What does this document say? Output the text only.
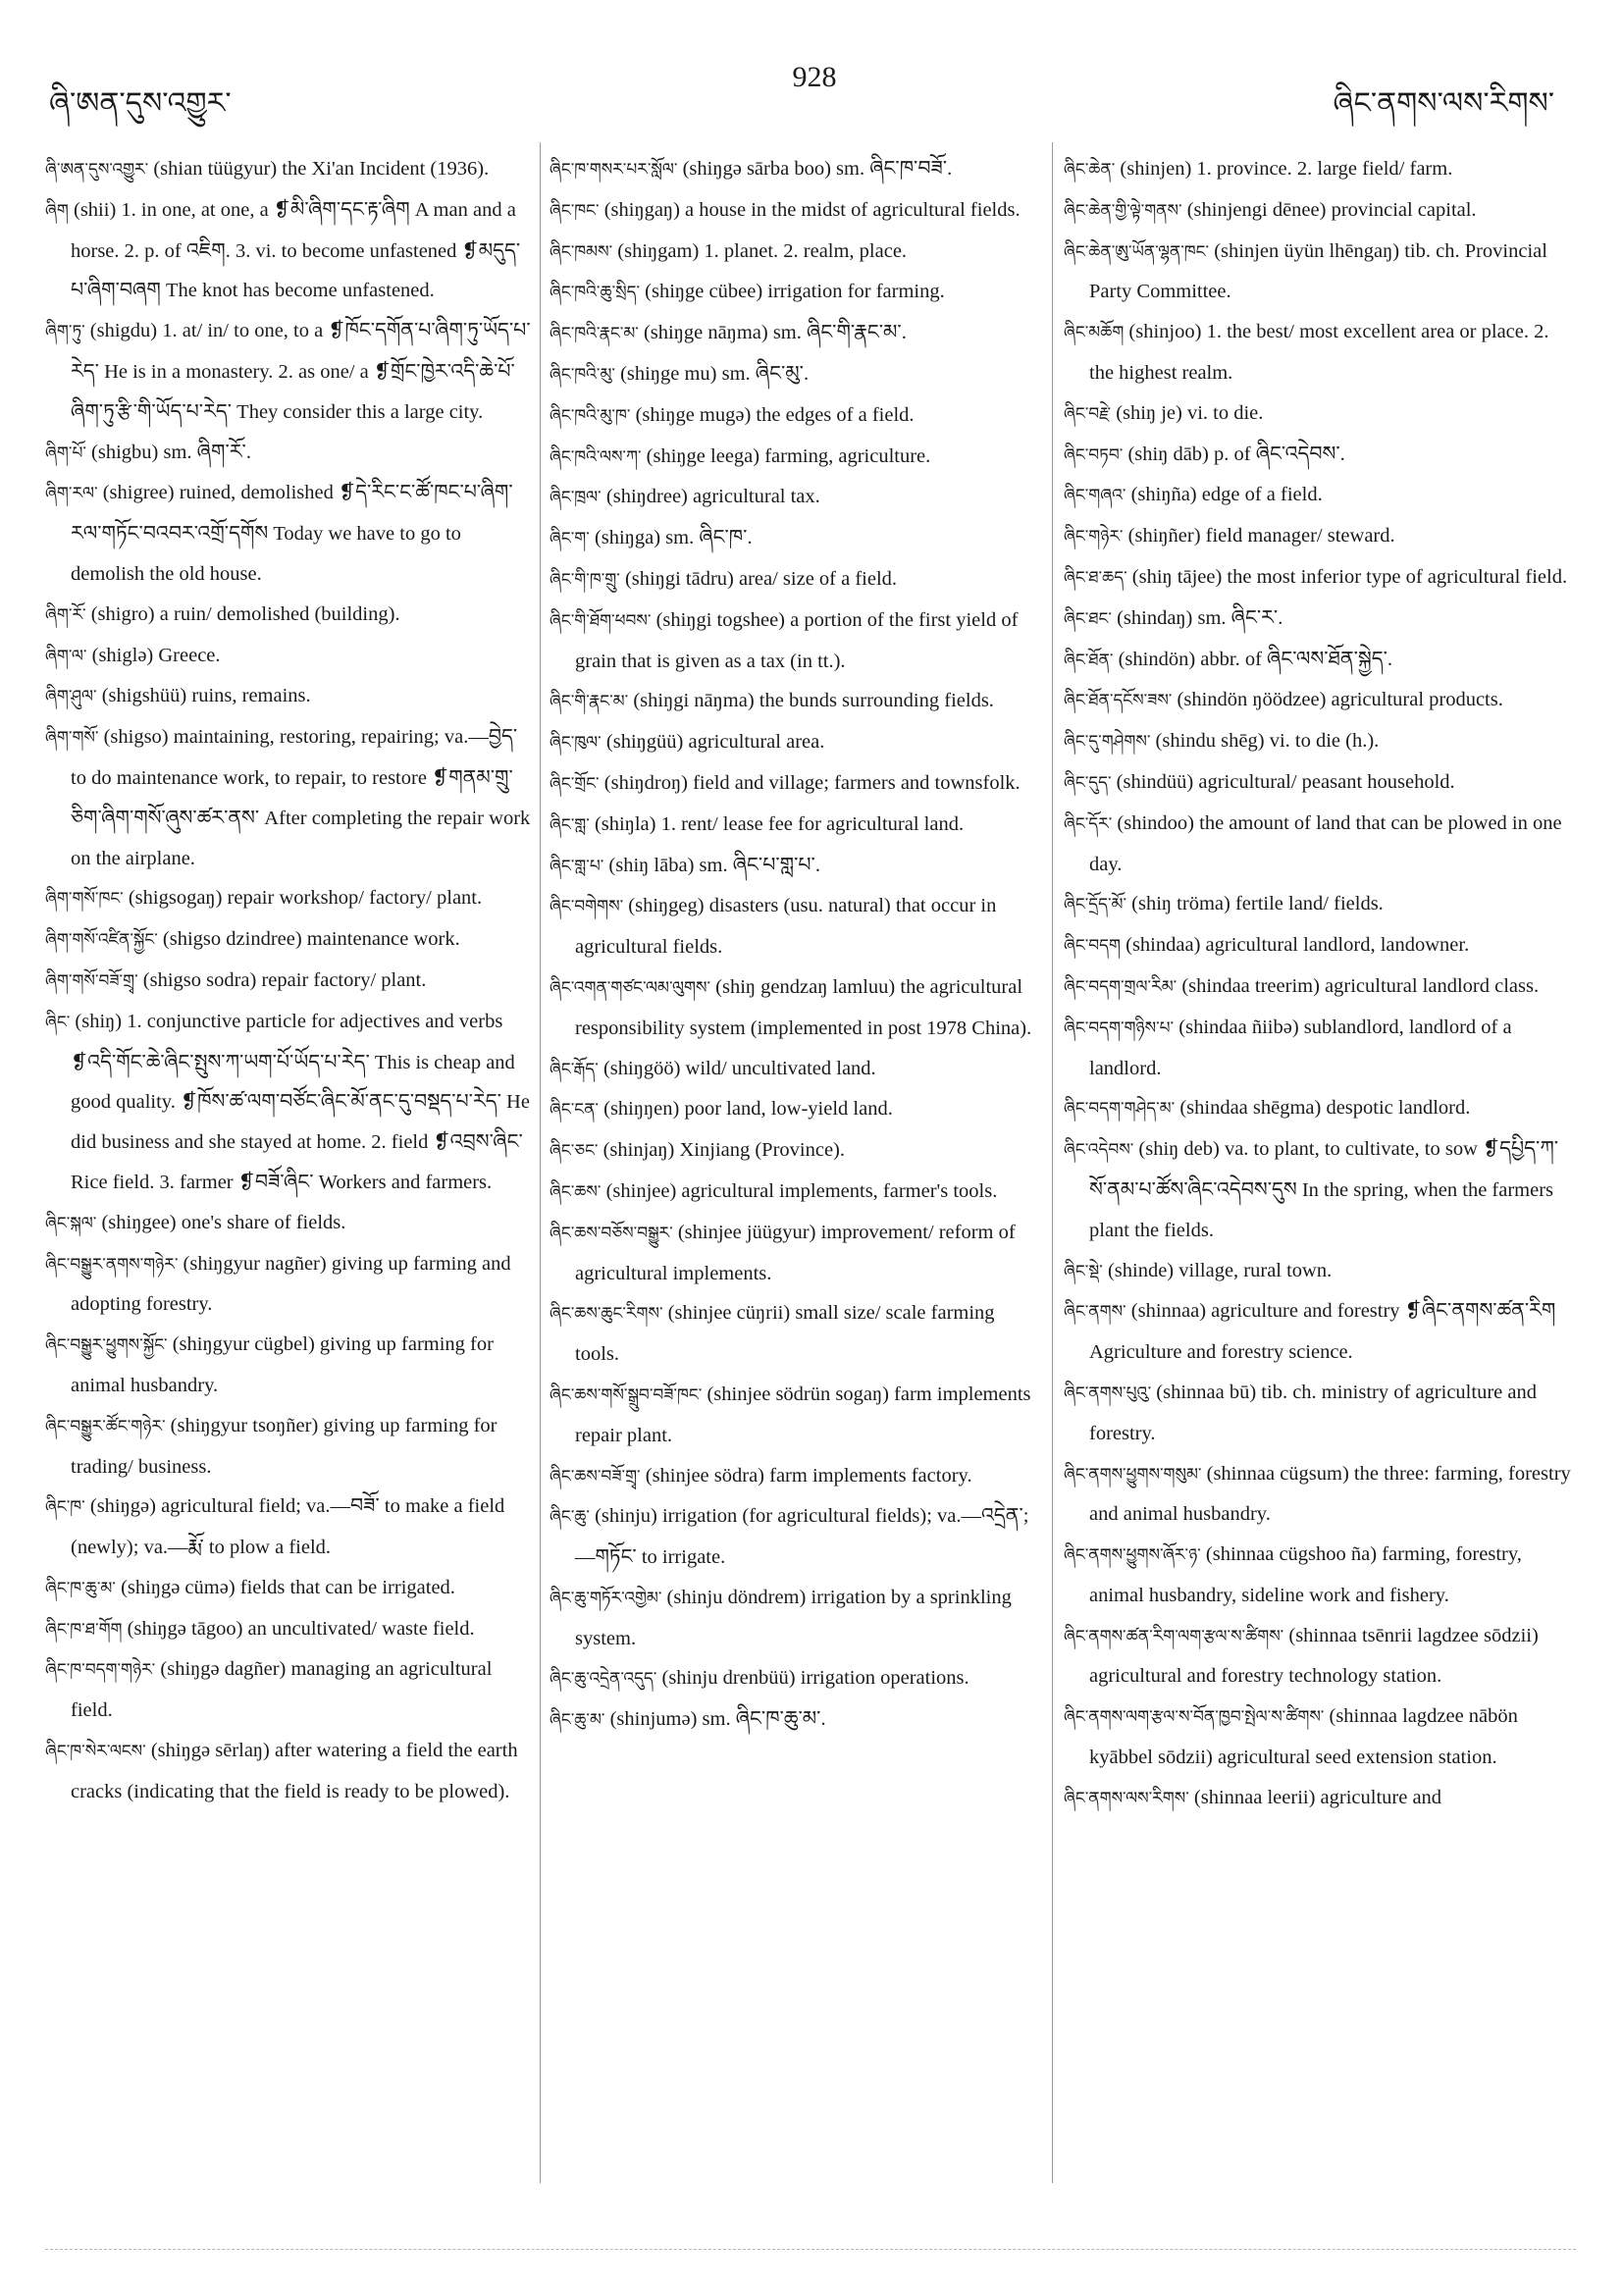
ཞི་ཨན་དུས་འགྱུར་
928
ཞིང་ནགས་ལས་རིགས་

ཞི་ཨན་དུས་འགྱུར་ (shian tüügyur) the Xi'an Incident (1936).

ཞིག (shii) 1. in one, at one, a ❡མི་ཞིག་དང་རྟ་ཞིག A man and a horse. 2. p. of འཇིག. 3. vi. to become unfastened ❡མདུད་པ་ཞིག་བཞག The knot has become unfastened.

ཞིག་ཏུ་ (shigdu) 1. at/ in/ to one, to a ❡ཁོང་དགོན་པ་ཞིག་ཏུ་ཡོད་པ་རེད་ He is in a monastery. 2. as one/ a ❡གྲོང་ཁྱེར་འདི་ཆེ་པོ་ཞིག་ཏུ་རྩི་གི་ཡོད་པ་རེད་ They consider this a large city.

ཞིག་པོ་ (shigbu) sm. ཞིག་རོ་.

ཞིག་རལ་ (shigree) ruined, demolished ❡དེ་རིང་ང་ཚོ་ཁང་པ་ཞིག་རལ་གཏོང་བའབར་འགྲོ་དགོས Today we have to go to demolish the old house.

ཞིག་རོ་ (shigro) a ruin/ demolished (building).

ཞིག་ལ་ (shiglə) Greece.

ཞིག་ཤུལ་ (shigshüü) ruins, remains.

ཞིག་གསོ་ (shigso) maintaining, restoring, repairing; va.—བྱེད་ to do maintenance work, to repair, to restore ❡གནམ་གྲུ་ཅིག་ཞིག་གསོ་ཞུས་ཚར་ནས་ After completing the repair work on the airplane.

ཞིག་གསོ་ཁང་ (shigsogaŋ) repair workshop/ factory/ plant.

ཞིག་གསོ་འཛིན་སྐྱོང་ (shigso dzindree) maintenance work.

ཞིག་གསོ་བཟོ་གྲྭ་ (shigso sodra) repair factory/ plant.

ཞིང་ (shiŋ) 1. conjunctive particle for adjectives and verbs ❡འདི་གོང་ཆེ་ཞིང་སྤུས་ཀ་ཡག་པོ་ཡོད་པ་རེད་ This is cheap and good quality. ❡ཁོས་ཚ་ལག་བཙོང་ཞིང་མོ་ནང་དུ་བསྡད་པ་རེད་ He did business and she stayed at home. 2. field ❡འབྲས་ཞིང་ Rice field. 3. farmer ❡བཟོ་ཞིང་ Workers and farmers.

ཞིང་སྐལ་ (shiŋgee) one's share of fields.

ཞིང་བསྒྱུར་ནགས་གཉེར་ (shiŋgyur nagñer) giving up farming and adopting forestry.

ཞིང་བསྒྱུར་ཕྱུགས་སྐྱོང་ (shiŋgyur cügbel) giving up farming for animal husbandry.

ཞིང་བསྒྱུར་ཚོང་གཉེར་ (shiŋgyur tsoŋñer) giving up farming for trading/ business.

ཞིང་ཁ་ (shiŋgə) agricultural field; va.—བཟོ་ to make a field (newly); va.—རྨོ་ to plow a field.

ཞིང་ཁ་ཆུ་མ་ (shiŋgə cümə) fields that can be irrigated.

ཞིང་ཁ་ཐ་གོག (shiŋgə tāgoo) an uncultivated/ waste field.

ཞིང་ཁ་བདག་གཉེར་ (shiŋgə dagñer) managing an agricultural field.

ཞིང་ཁ་སེར་ལངས་ (shiŋgə sērlaŋ) after watering a field the earth cracks (indicating that the field is ready to be plowed).

ཞིང་ཁ་གསར་པར་སློལ་ (shiŋgə sārba boo) sm. ཞིང་ཁ་བཟོ་.

ཞིང་ཁང་ (shiŋgaŋ) a house in the midst of agricultural fields.

ཞིང་ཁམས་ (shiŋgam) 1. planet. 2. realm, place.

ཞིང་ཁའི་ཆུ་སྲིད་ (shiŋge cübee) irrigation for farming.

ཞིང་ཁའི་རྣང་མ་ (shiŋge nāŋma) sm. ཞིང་གི་རྣང་མ་.

ཞིང་ཁའི་མུ་ (shiŋge mu) sm. ཞིང་མུ་.

ཞིང་ཁའི་མུ་ཁ་ (shiŋge mugə) the edges of a field.

ཞིང་ཁའི་ལས་ཀ་ (shiŋge leega) farming, agriculture.

ཞིང་ཁྲལ་ (shiŋdree) agricultural tax.

ཞིང་ག་ (shiŋga) sm. ཞིང་ཁ་.

ཞིང་གི་ཁ་གྲུ་ (shiŋgi tādru) area/ size of a field.

ཞིང་གི་ཐོག་ཕབས་ (shiŋgi togshee) a portion of the first yield of grain that is given as a tax (in tt.).

ཞིང་གི་རྣང་མ་ (shiŋgi nāŋma) the bunds surrounding fields.

ཞིང་ཁུལ་ (shiŋgüü) agricultural area.

ཞིང་གྲོང་ (shiŋdroŋ) field and village; farmers and townsfolk.

ཞིང་གླ་ (shiŋla) 1. rent/ lease fee for agricultural land.

ཞིང་གླ་པ་ (shiŋ lāba) sm. ཞིང་པ་གླ་པ་.

ཞིང་བགེགས་ (shiŋgeg) disasters (usu. natural) that occur in agricultural fields.

ཞིང་འགན་གཙང་ལམ་ལུགས་ (shiŋ gendzaŋ lamluu) the agricultural responsibility system (implemented in post 1978 China).

ཞིང་རྒོད་ (shiŋgöö) wild/ uncultivated land.

ཞིང་ངན་ (shiŋŋen) poor land, low-yield land.

ཞིང་ཅང་ (shinjaŋ) Xinjiang (Province).

ཞིང་ཆས་ (shinjee) agricultural implements, farmer's tools.

ཞིང་ཆས་བཅོས་བསྒྱུར་ (shinjee jüügyur) improvement/ reform of agricultural implements.

ཞིང་ཆས་ཆུང་རིགས་ (shinjee cüŋrii) small size/ scale farming tools.

ཞིང་ཆས་གསོ་སྒྲུབ་བཟོ་ཁང་ (shinjee södrün sogaŋ) farm implements repair plant.

ཞིང་ཆས་བཟོ་གྲྭ་ (shinjee södra) farm implements factory.

ཞིང་ཆུ་ (shinju) irrigation (for agricultural fields); va.—འདྲེན་; —གཏོང་ to irrigate.

ཞིང་ཆུ་གཏོར་འགྱེམ་ (shinju döndrem) irrigation by a sprinkling system.

ཞིང་ཆུ་འདྲེན་འདུད་ (shinju drenbüü) irrigation operations.

ཞིང་ཆུ་མ་ (shinjumə) sm. ཞིང་ཁ་ཆུ་མ་.

ཞིང་ཆེན་ (shinjen) 1. province. 2. large field/ farm.

ཞིང་ཆེན་གྱི་ལྟེ་གནས་ (shinjengi dēnee) provincial capital.

ཞིང་ཆེན་ཨུ་ཡོན་ལྷན་ཁང་ (shinjen üyün lhēngaŋ) tib. ch. Provincial Party Committee.

ཞིང་མཆོག (shinjoo) 1. the best/ most excellent area or place. 2. the highest realm.

ཞིང་བརྗེ་ (shiŋ je) vi. to die.

ཞིང་བཏབ་ (shiŋ dāb) p. of ཞིང་འདེབས་.

ཞིང་གཞའ་ (shiŋña) edge of a field.

ཞིང་གཉེར་ (shiŋñer) field manager/ steward.

ཞིང་ཐ་ཆད་ (shiŋ tājee) the most inferior type of agricultural field.

ཞིང་ཐང་ (shindaŋ) sm. ཞིང་ར་.

ཞིང་ཐོན་ (shindön) abbr. of ཞིང་ལས་ཐོན་སྐྱེད་.

ཞིང་ཐོན་དངོས་ཟས་ (shindön ŋöödzee) agricultural products.

ཞིང་དུ་གཤེགས་ (shindu shēg) vi. to die (h.).

ཞིང་དུད་ (shindüü) agricultural/ peasant household.

ཞིང་དོར་ (shindoo) the amount of land that can be plowed in one day.

ཞིང་དྲོད་མོ་ (shiŋ tröma) fertile land/ fields.

ཞིང་བདག (shindaa) agricultural landlord, landowner.

ཞིང་བདག་གྲལ་རིམ་ (shindaa treerim) agricultural landlord class.

ཞིང་བདག་གཉིས་པ་ (shindaa ñiibə) sublandlord, landlord of a landlord.

ཞིང་བདག་གཤེད་མ་ (shindaa shēgma) despotic landlord.

ཞིང་འདེབས་ (shiŋ deb) va. to plant, to cultivate, to sow ❡དཔྱིད་ཀ་སོ་ནམ་པ་ཚོས་ཞིང་འདེབས་དུས In the spring, when the farmers plant the fields.

ཞིང་སྡེ་ (shinde) village, rural town.

ཞིང་ནགས་ (shinnaa) agriculture and forestry ❡ཞིང་ནགས་ཚན་རིག Agriculture and forestry science.

ཞིང་ནགས་པུའུ་ (shinnaa bū) tib. ch. ministry of agriculture and forestry.

ཞིང་ནགས་ཕྱུགས་གསུམ་ (shinnaa cügsum) the three: farming, forestry and animal husbandry.

ཞིང་ནགས་ཕྱུགས་ཞོར་ཉ་ (shinnaa cügshoo ña) farming, forestry, animal husbandry, sideline work and fishery.

ཞིང་ནགས་ཚན་རིག་ལག་རྩལ་ས་ཚིགས་ (shinnaa tsēnrii lagdzee sōdzii) agricultural and forestry technology station.

ཞིང་ནགས་ལག་རྩལ་ས་བོན་ཁྱབ་སྤེལ་ས་ཚིགས་ (shinnaa lagdzee nābön kyābbel sōdzii) agricultural seed extension station.

ཞིང་ནགས་ལས་རིགས་ (shinnaa leerii) agriculture and
